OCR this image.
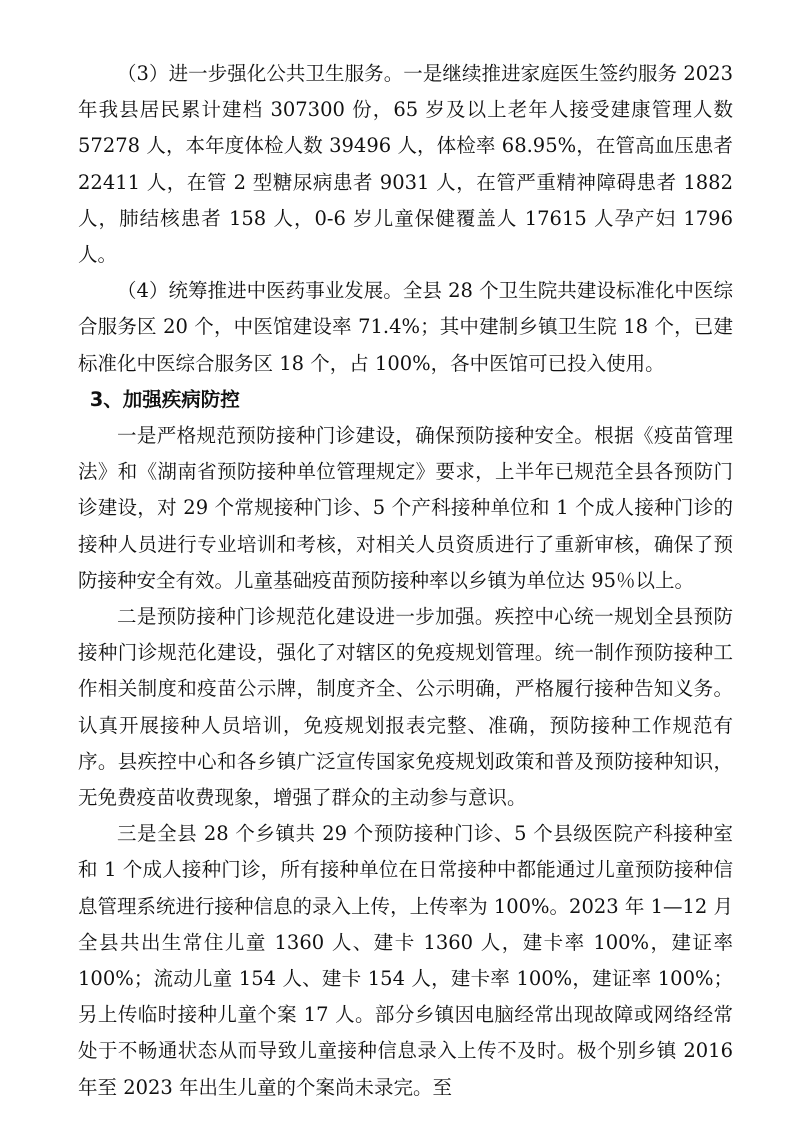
（3）进一步强化公共卫生服务。一是继续推进家庭医生签约服务 2023 年我县居民累计建档 307300 份，65 岁及以上老年人接受建康管理人数 57278 人，本年度体检人数 39496 人，体检率 68.95%，在管高血压患者 22411 人，在管 2 型糖尿病患者 9031 人，在管严重精神障碍患者 1882 人，肺结核患者 158 人，0-6 岁儿童保健覆盖人 17615 人孕产妇 1796 人。

（4）统筹推进中医药事业发展。全县 28 个卫生院共建设标准化中医综合服务区 20 个，中医馆建设率 71.4%；其中建制乡镇卫生院 18 个，已建标准化中医综合服务区 18 个，占 100%，各中医馆可已投入使用。

3、加强疾病防控

一是严格规范预防接种门诊建设，确保预防接种安全。根据《疫苗管理法》和《湖南省预防接种单位管理规定》要求，上半年已规范全县各预防门诊建设，对 29 个常规接种门诊、5 个产科接种单位和 1 个成人接种门诊的接种人员进行专业培训和考核，对相关人员资质进行了重新审核，确保了预防接种安全有效。儿童基础疫苗预防接种率以乡镇为单位达 95％以上。

二是预防接种门诊规范化建设进一步加强。疾控中心统一规划全县预防接种门诊规范化建设，强化了对辖区的免疫规划管理。统一制作预防接种工作相关制度和疫苗公示牌，制度齐全、公示明确，严格履行接种告知义务。认真开展接种人员培训，免疫规划报表完整、准确，预防接种工作规范有序。县疾控中心和各乡镇广泛宣传国家免疫规划政策和普及预防接种知识，无免费疫苗收费现象，增强了群众的主动参与意识。

三是全县 28 个乡镇共 29 个预防接种门诊、5 个县级医院产科接种室和 1 个成人接种门诊，所有接种单位在日常接种中都能通过儿童预防接种信息管理系统进行接种信息的录入上传，上传率为 100%。2023 年 1—12 月全县共出生常住儿童 1360 人、建卡 1360 人，建卡率 100%，建证率 100%；流动儿童 154 人、建卡 154 人，建卡率 100%，建证率 100%；另上传临时接种儿童个案 17 人。部分乡镇因电脑经常出现故障或网络经常处于不畅通状态从而导致儿童接种信息录入上传不及时。极个别乡镇 2016 年至 2023 年出生儿童的个案尚未录完。至
